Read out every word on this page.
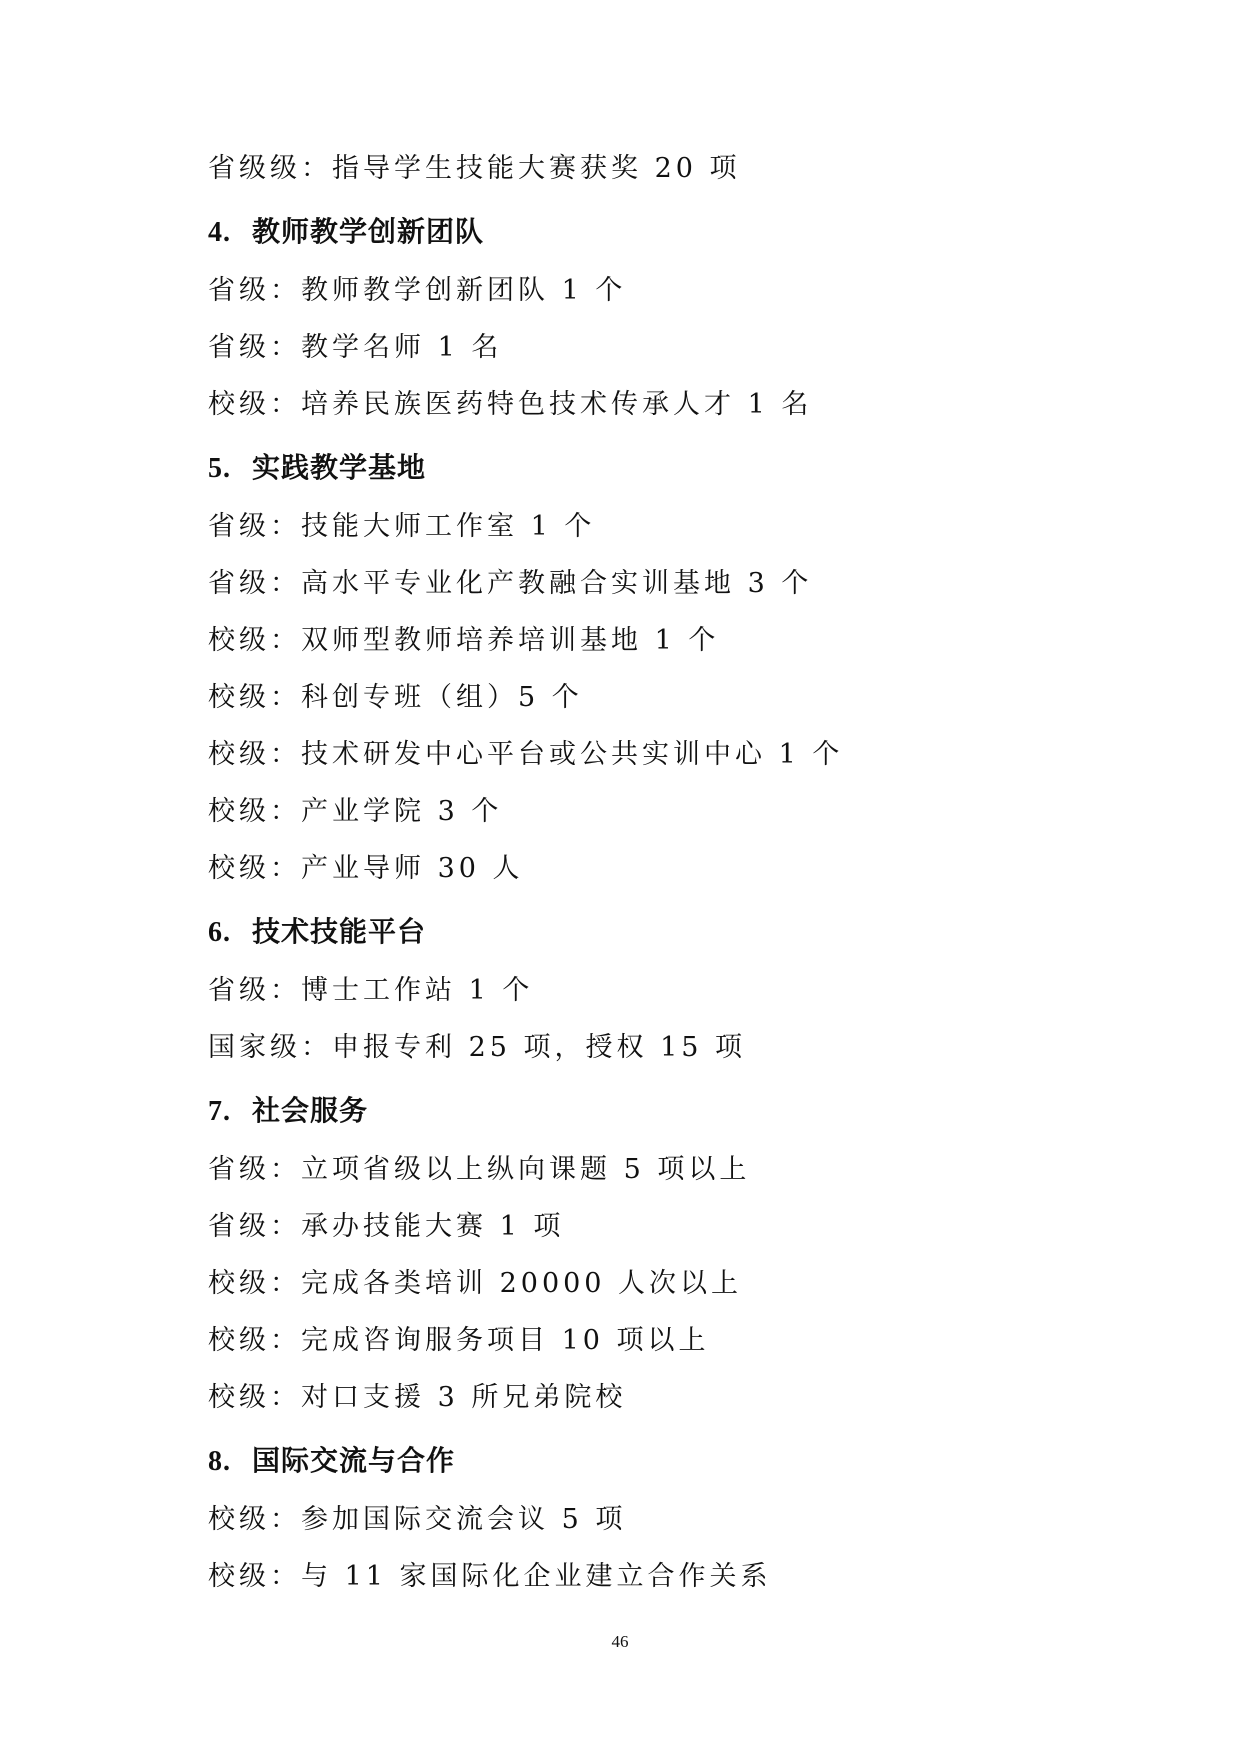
省级级：指导学生技能大赛获奖 20 项
4. 教师教学创新团队
省级：教师教学创新团队 1 个
省级：教学名师 1 名
校级：培养民族医药特色技术传承人才 1 名
5. 实践教学基地
省级：技能大师工作室 1 个
省级：高水平专业化产教融合实训基地 3 个
校级：双师型教师培养培训基地 1 个
校级：科创专班（组）5 个
校级：技术研发中心平台或公共实训中心 1 个
校级：产业学院 3 个
校级：产业导师 30 人
6. 技术技能平台
省级：博士工作站 1 个
国家级：申报专利 25 项，授权 15 项
7. 社会服务
省级：立项省级以上纵向课题 5 项以上
省级：承办技能大赛 1 项
校级：完成各类培训 20000 人次以上
校级：完成咨询服务项目 10 项以上
校级：对口支援 3 所兄弟院校
8. 国际交流与合作
校级：参加国际交流会议 5 项
校级：与 11 家国际化企业建立合作关系
46
